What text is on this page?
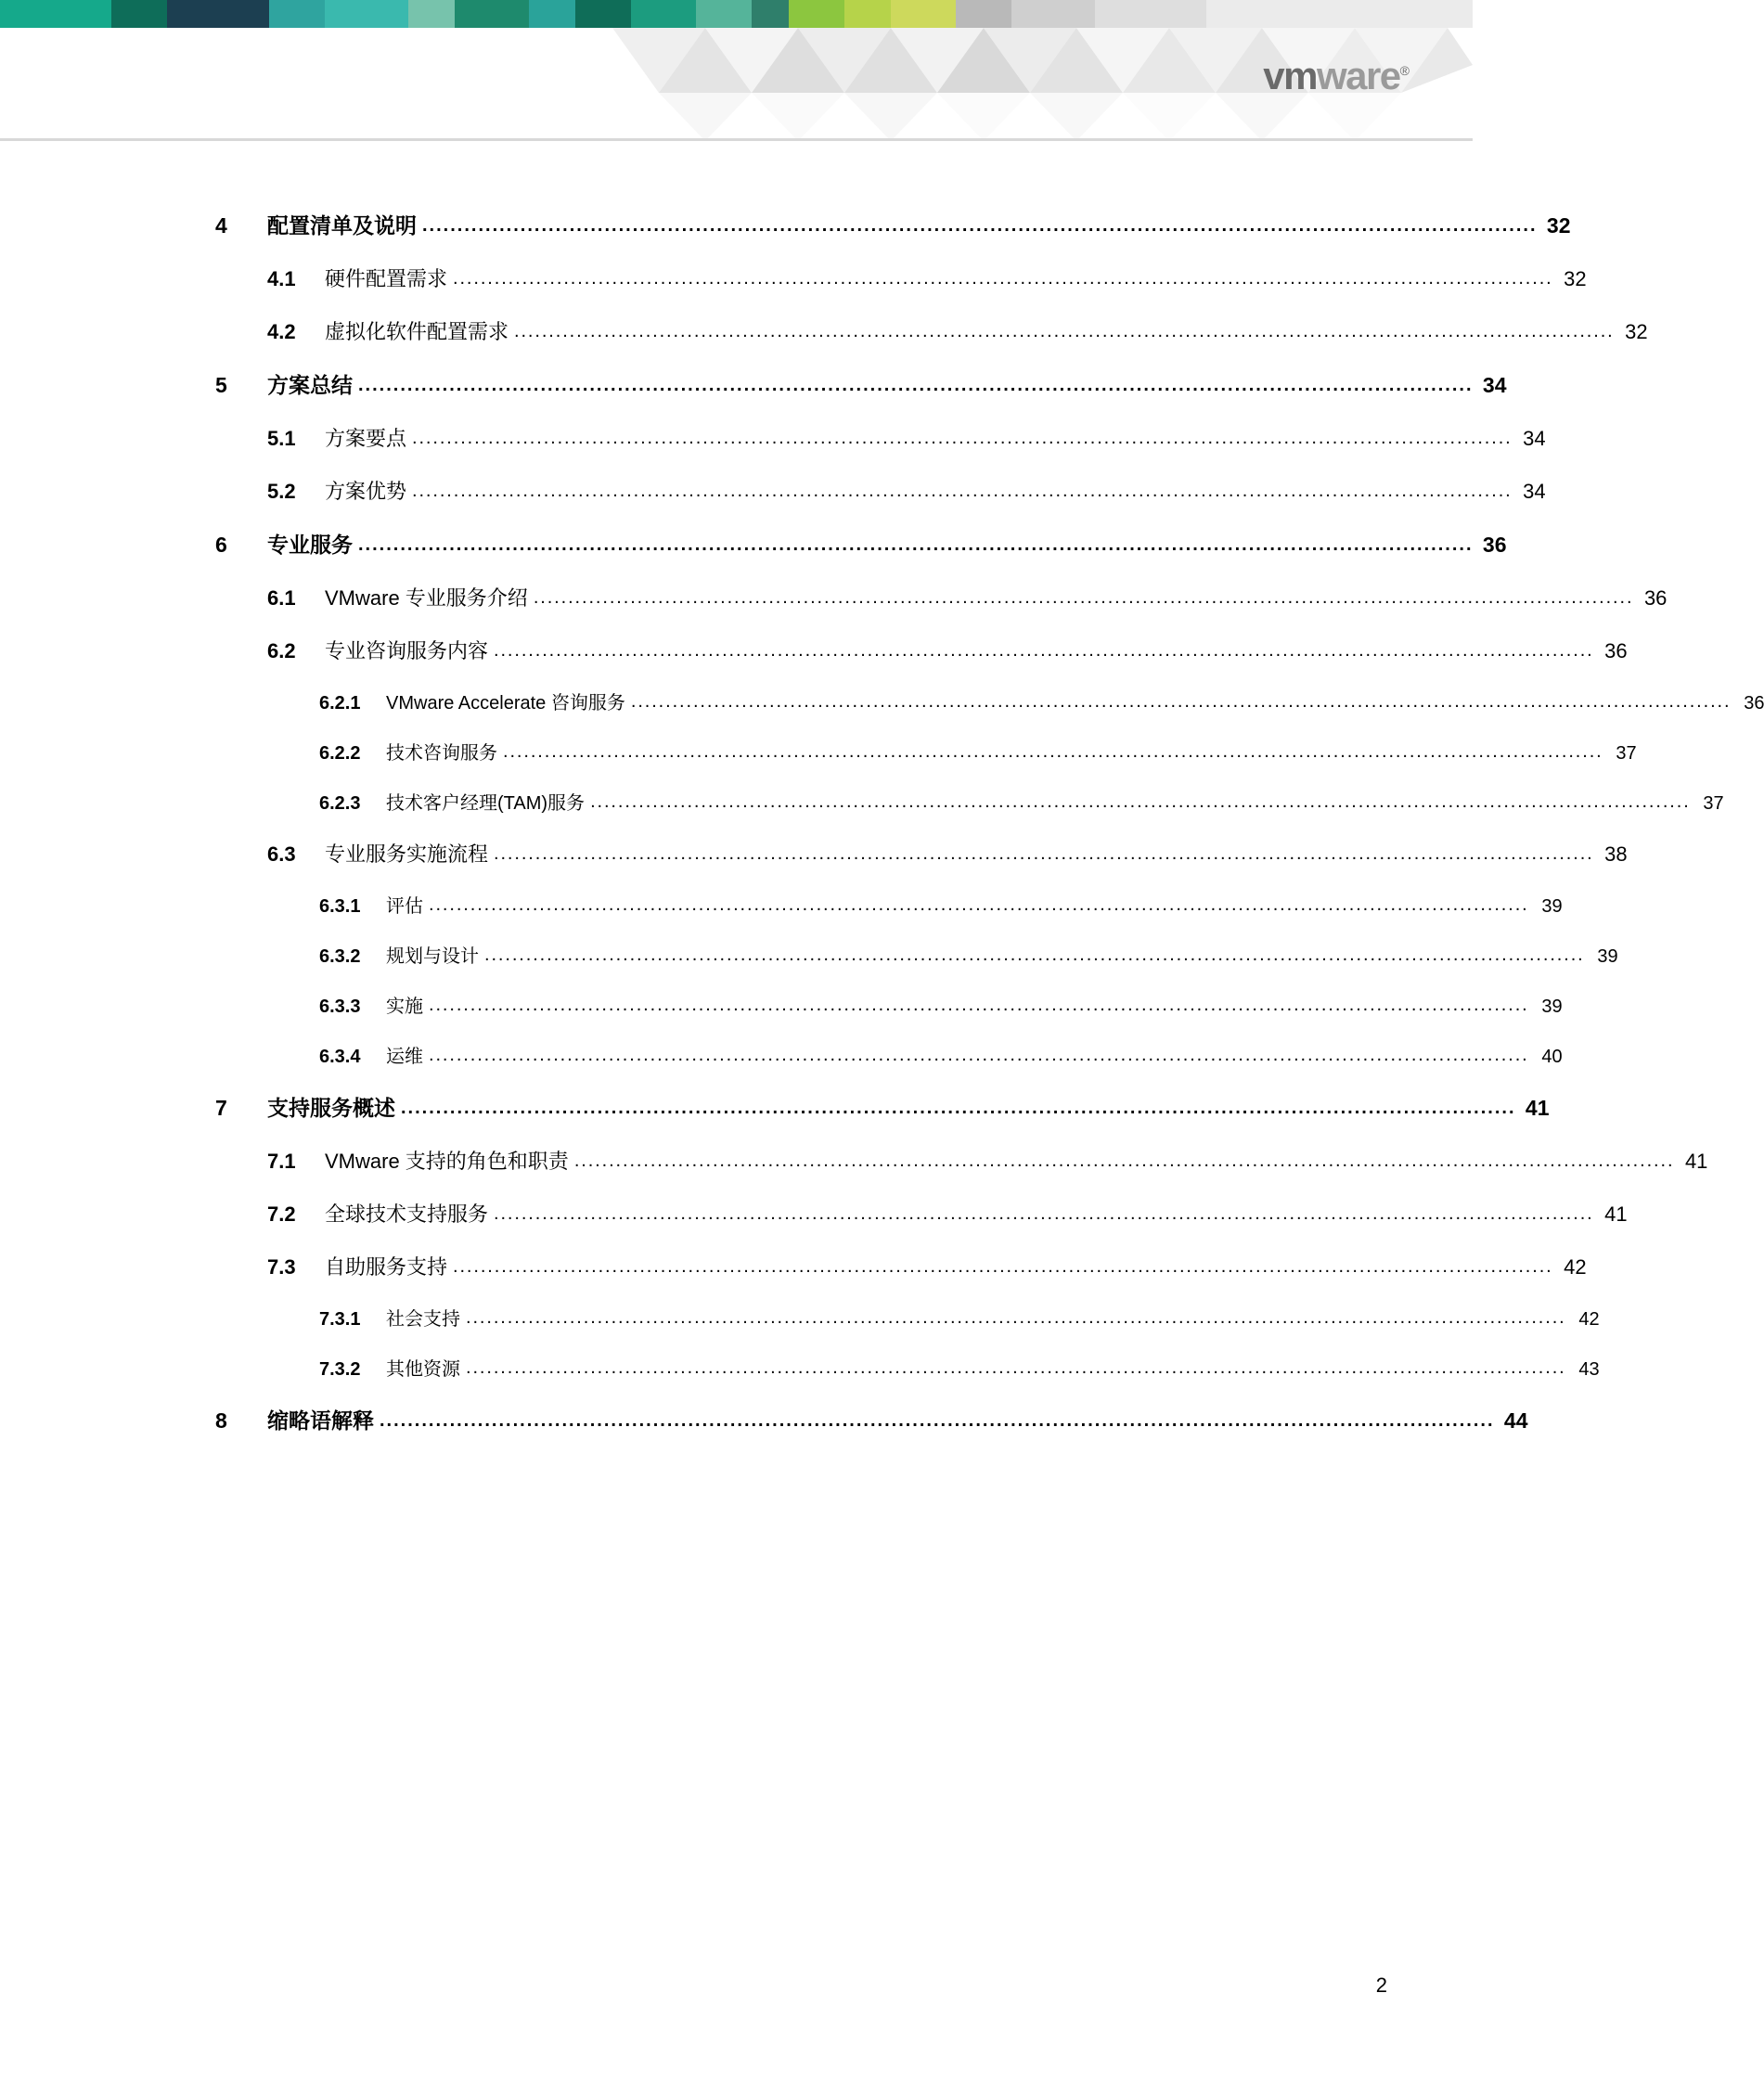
vmware®
4	配置清单及说明 ............................................................................................................................................................... 32
4.1	硬件配置需求 ............................................................................................................................................................... 32
4.2	虚拟化软件配置需求 ............................................................................................................................................................... 32
5	方案总结 ............................................................................................................................................................... 34
5.1	方案要点 ............................................................................................................................................................... 34
5.2	方案优势 ............................................................................................................................................................... 34
6	专业服务 ............................................................................................................................................................... 36
6.1	VMware 专业服务介绍 ............................................................................................................................................................... 36
6.2	专业咨询服务内容 ............................................................................................................................................................... 36
6.2.1	VMware Accelerate 咨询服务 ............................................................................................................................................................... 36
6.2.2	技术咨询服务 ............................................................................................................................................................... 37
6.2.3	技术客户经理(TAM)服务 ............................................................................................................................................................... 37
6.3	专业服务实施流程 ............................................................................................................................................................... 38
6.3.1	评估 ............................................................................................................................................................... 39
6.3.2	规划与设计 ............................................................................................................................................................... 39
6.3.3	实施 ............................................................................................................................................................... 39
6.3.4	运维 ............................................................................................................................................................... 40
7	支持服务概述 ............................................................................................................................................................... 41
7.1	VMware 支持的角色和职责 ............................................................................................................................................................... 41
7.2	全球技术支持服务 ............................................................................................................................................................... 41
7.3	自助服务支持 ............................................................................................................................................................... 42
7.3.1	社会支持 ............................................................................................................................................................... 42
7.3.2	其他资源 ............................................................................................................................................................... 43
8	缩略语解释 ............................................................................................................................................................... 44
2
